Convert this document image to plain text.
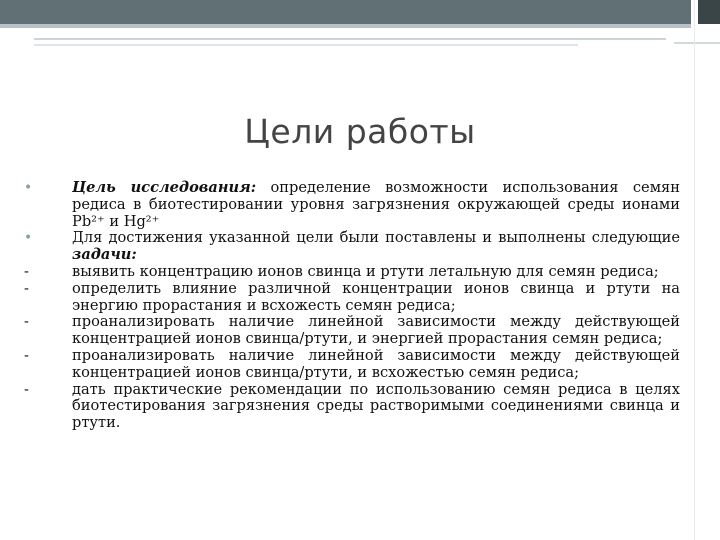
Цели работы
•	Цель исследования: определение возможности использования семян редиса в биотестировании уровня загрязнения окружающей среды ионами Pb²⁺ и Hg²⁺
•	Для достижения указанной цели были поставлены и выполнены следующие задачи:
-	выявить концентрацию ионов свинца и ртути летальную для семян редиса;
-	определить влияние различной концентрации ионов свинца и ртути на энергию прорастания и всхожесть семян редиса;
-	проанализировать наличие линейной зависимости между действующей концентрацией ионов свинца/ртути, и энергией прорастания семян редиса;
-	проанализировать наличие линейной зависимости между действующей концентрацией ионов свинца/ртути, и всхожестью семян редиса;
-	дать практические рекомендации по использованию семян редиса в целях биотестирования загрязнения среды растворимыми соединениями свинца и ртути.
